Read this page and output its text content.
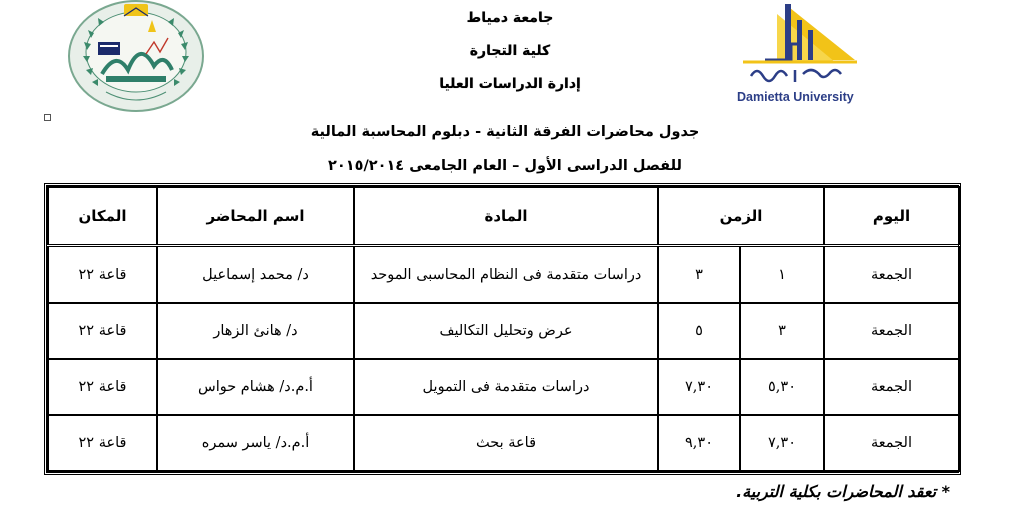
جامعة دمياط
كلية التجارة
إدارة الدراسات العليا
Damietta University
جدول محاضرات الفرقة الثانية - دبلوم المحاسبة المالية
للفصل الدراسى الأول – العام الجامعى ٢٠١٥/٢٠١٤
اليوم	الزمن		المادة	اسم المحاضر	المكان
الجمعة	١	٣	دراسات متقدمة فى النظام المحاسبى الموحد	د/ محمد إسماعيل	قاعة ٢٢
الجمعة	٣	٥	عرض وتحليل التكاليف	د/ هانئ الزهار	قاعة ٢٢
الجمعة	٥,٣٠	٧,٣٠	دراسات متقدمة فى التمويل	أ.م.د/ هشام حواس	قاعة ٢٢
الجمعة	٧,٣٠	٩,٣٠	قاعة بحث	أ.م.د/ ياسر سمره	قاعة ٢٢
* تعقد المحاضرات بكلية التربية.
